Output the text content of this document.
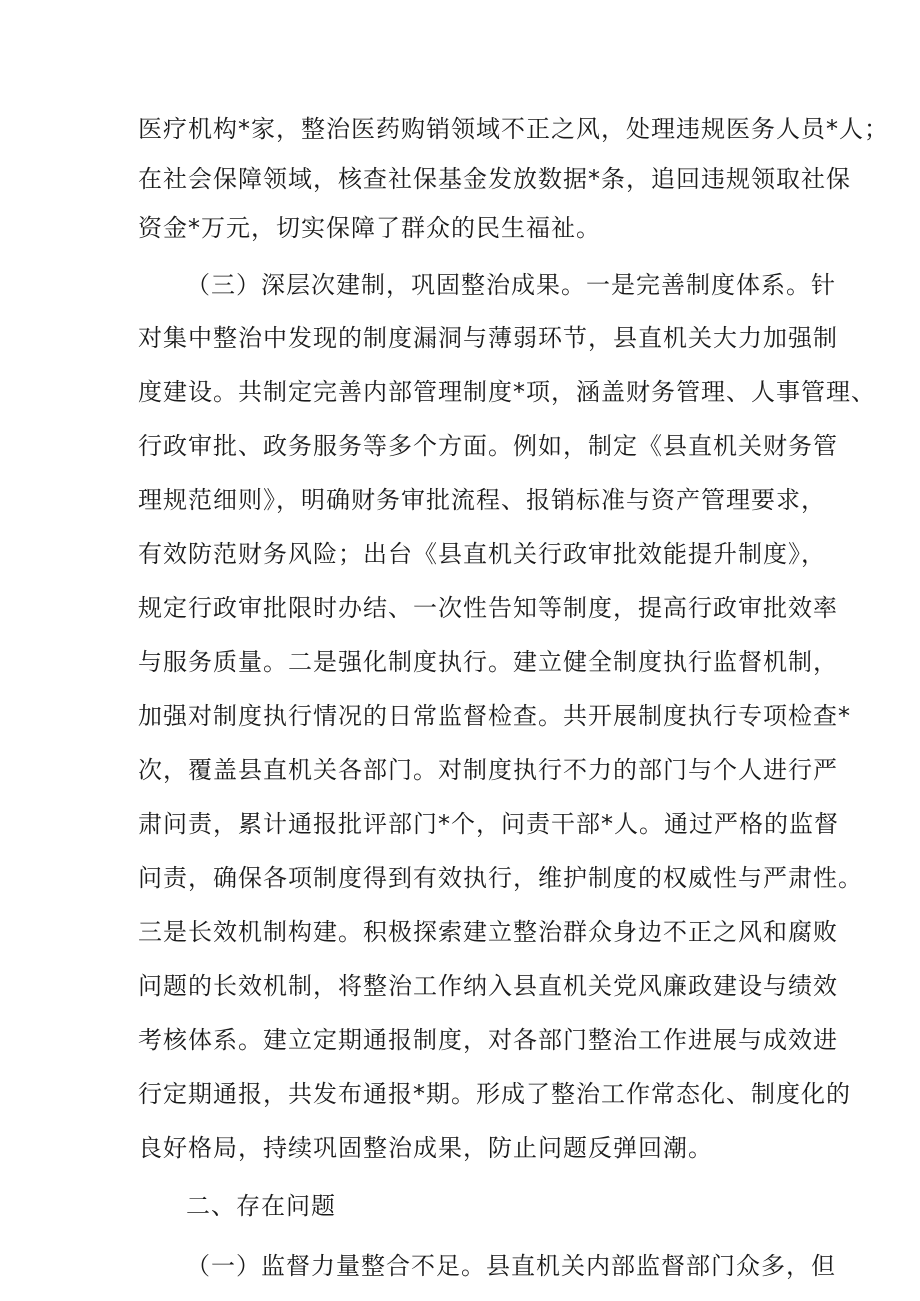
医疗机构*家，整治医药购销领域不正之风，处理违规医务人员*人；
在社会保障领域，核查社保基金发放数据*条，追回违规领取社保
资金*万元，切实保障了群众的民生福祉。
（三）深层次建制，巩固整治成果。一是完善制度体系。针
对集中整治中发现的制度漏洞与薄弱环节，县直机关大力加强制
度建设。共制定完善内部管理制度*项，涵盖财务管理、人事管理、
行政审批、政务服务等多个方面。例如，制定《县直机关财务管
理规范细则》，明确财务审批流程、报销标准与资产管理要求，
有效防范财务风险；出台《县直机关行政审批效能提升制度》，
规定行政审批限时办结、一次性告知等制度，提高行政审批效率
与服务质量。二是强化制度执行。建立健全制度执行监督机制，
加强对制度执行情况的日常监督检查。共开展制度执行专项检查*
次，覆盖县直机关各部门。对制度执行不力的部门与个人进行严
肃问责，累计通报批评部门*个，问责干部*人。通过严格的监督
问责，确保各项制度得到有效执行，维护制度的权威性与严肃性。
三是长效机制构建。积极探索建立整治群众身边不正之风和腐败
问题的长效机制，将整治工作纳入县直机关党风廉政建设与绩效
考核体系。建立定期通报制度，对各部门整治工作进展与成效进
行定期通报，共发布通报*期。形成了整治工作常态化、制度化的
良好格局，持续巩固整治成果，防止问题反弹回潮。
二、存在问题
（一）监督力量整合不足。县直机关内部监督部门众多，但
